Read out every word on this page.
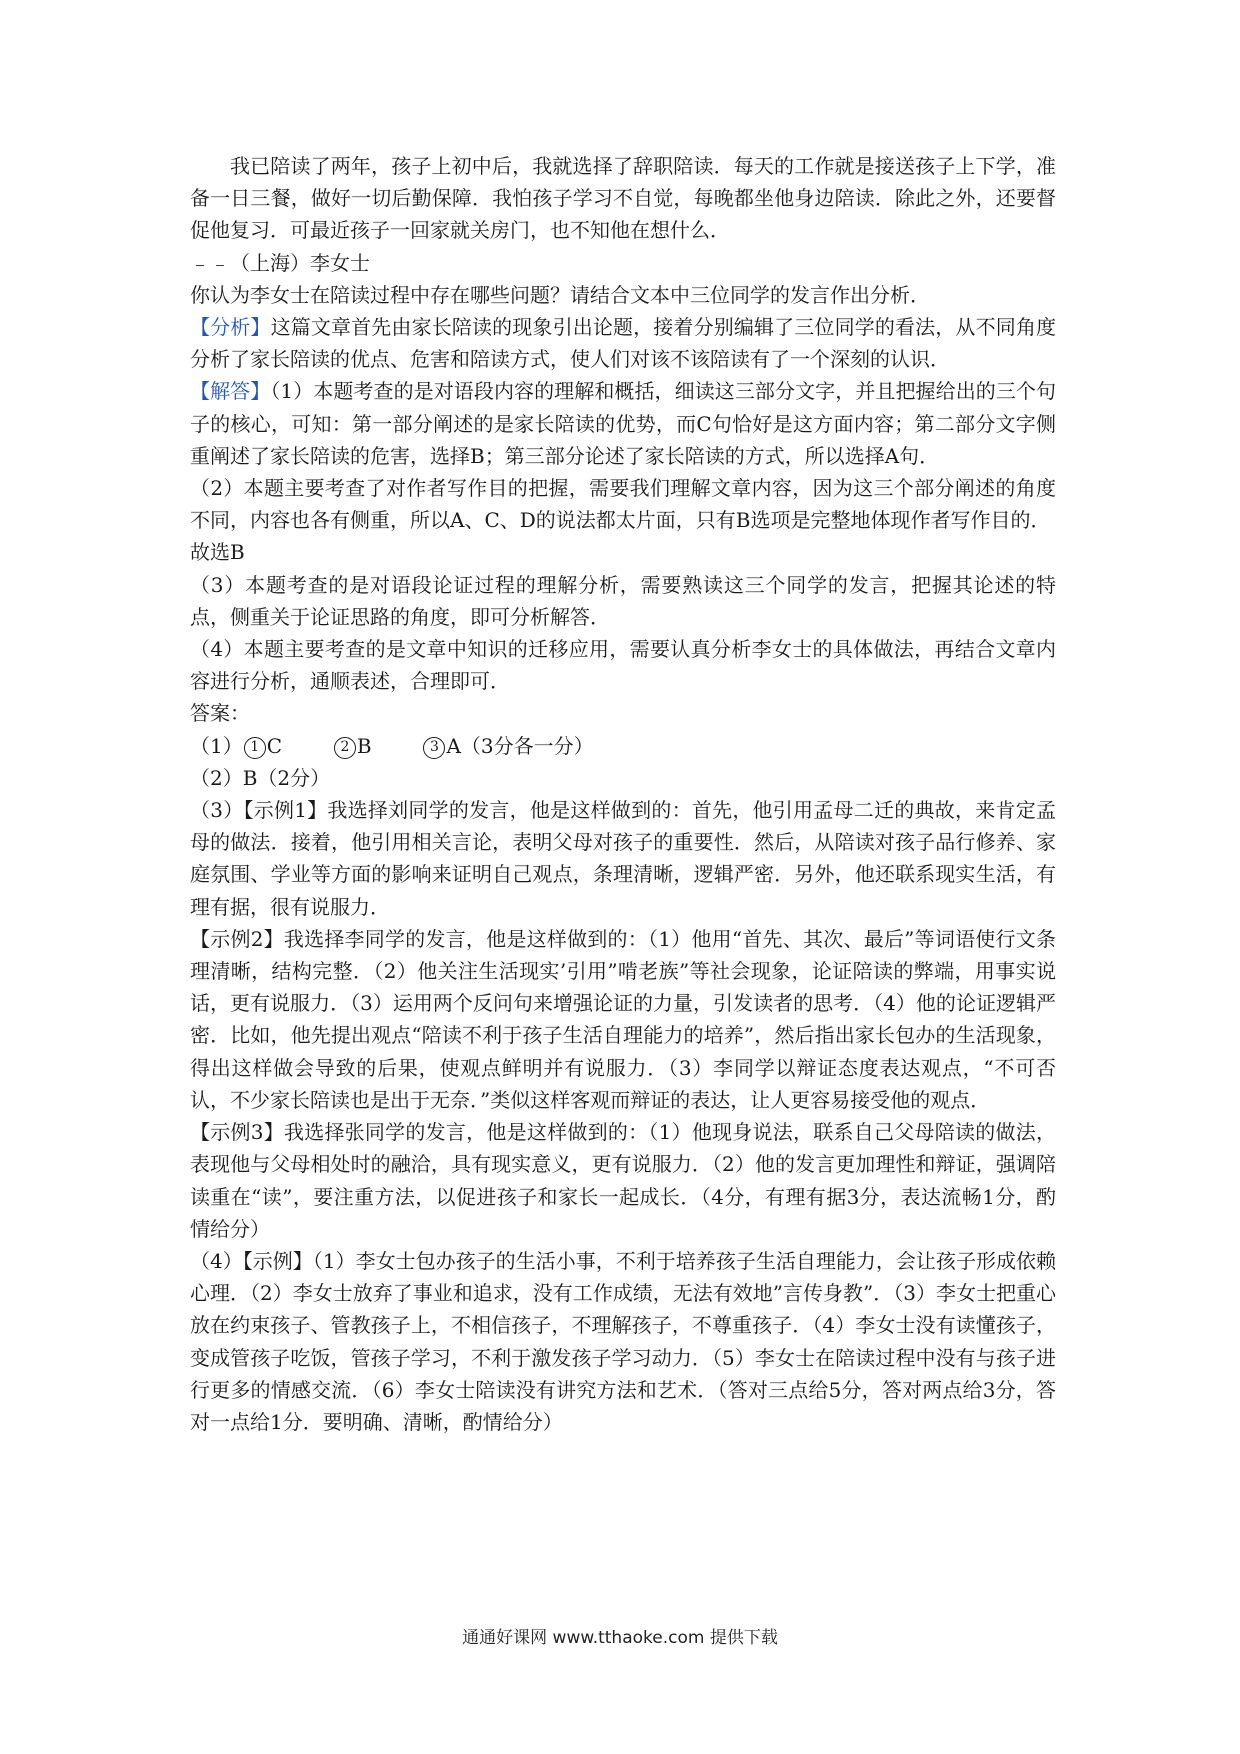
我已陪读了两年，孩子上初中后，我就选择了辞职陪读．每天的工作就是接送孩子上下学，准备一日三餐，做好一切后勤保障．我怕孩子学习不自觉，每晚都坐他身边陪读．除此之外，还要督促他复习．可最近孩子一回家就关房门，也不知他在想什么．

﹣﹣（上海）李女士

你认为李女士在陪读过程中存在哪些问题？请结合文本中三位同学的发言作出分析．

【分析】这篇文章首先由家长陪读的现象引出论题，接着分别编辑了三位同学的看法，从不同角度分析了家长陪读的优点、危害和陪读方式，使人们对该不该陪读有了一个深刻的认识．

【解答】（1）本题考查的是对语段内容的理解和概括，细读这三部分文字，并且把握给出的三个句子的核心，可知：第一部分阐述的是家长陪读的优势，而C句恰好是这方面内容；第二部分文字侧重阐述了家长陪读的危害，选择B；第三部分论述了家长陪读的方式，所以选择A句．

（2）本题主要考查了对作者写作目的把握，需要我们理解文章内容，因为这三个部分阐述的角度不同，内容也各有侧重，所以A、C、D的说法都太片面，只有B选项是完整地体现作者写作目的．

故选B

（3）本题考查的是对语段论证过程的理解分析，需要熟读这三个同学的发言，把握其论述的特点，侧重关于论证思路的角度，即可分析解答．

（4）本题主要考查的是文章中知识的迁移应用，需要认真分析李女士的具体做法，再结合文章内容进行分析，通顺表述，合理即可．

答案：

（1） 1 C	2 B	3 A（3分各一分）

（2）B（2分）

（3）【示例1】我选择刘同学的发言，他是这样做到的：首先，他引用孟母二迁的典故，来肯定孟母的做法．接着，他引用相关言论，表明父母对孩子的重要性．然后，从陪读对孩子品行修养、家庭氛围、学业等方面的影响来证明自己观点，条理清晰，逻辑严密．另外，他还联系现实生活，有理有据，很有说服力．

【示例2】我选择李同学的发言，他是这样做到的：（1）他用“首先、其次、最后”等词语使行文条理清晰，结构完整．（2）他关注生活现实’引用”啃老族”等社会现象，论证陪读的弊端，用事实说话，更有说服力．（3）运用两个反问句来增强论证的力量，引发读者的思考．（4）他的论证逻辑严密．比如，他先提出观点“陪读不利于孩子生活自理能力的培养”，然后指出家长包办的生活现象，得出这样做会导致的后果，使观点鲜明并有说服力．（3）李同学以辩证态度表达观点，“不可否认，不少家长陪读也是出于无奈．”类似这样客观而辩证的表达，让人更容易接受他的观点．

【示例3】我选择张同学的发言，他是这样做到的：（1）他现身说法，联系自己父母陪读的做法，表现他与父母相处时的融洽，具有现实意义，更有说服力．（2）他的发言更加理性和辩证，强调陪读重在“读”，要注重方法，以促进孩子和家长一起成长．（4分，有理有据3分，表达流畅1分，酌情给分）

（4）【示例】（1）李女士包办孩子的生活小事，不利于培养孩子生活自理能力，会让孩子形成依赖心理．（2）李女士放弃了事业和追求，没有工作成绩，无法有效地”言传身教”．（3）李女士把重心放在约束孩子、管教孩子上，不相信孩子，不理解孩子，不尊重孩子．（4）李女士没有读懂孩子，变成管孩子吃饭，管孩子学习，不利于激发孩子学习动力．（5）李女士在陪读过程中没有与孩子进行更多的情感交流．（6）李女士陪读没有讲究方法和艺术．（答对三点给5分，答对两点给3分，答对一点给1分．要明确、清晰，酌情给分）

通通好课网 www.tthaoke.com 提供下载
